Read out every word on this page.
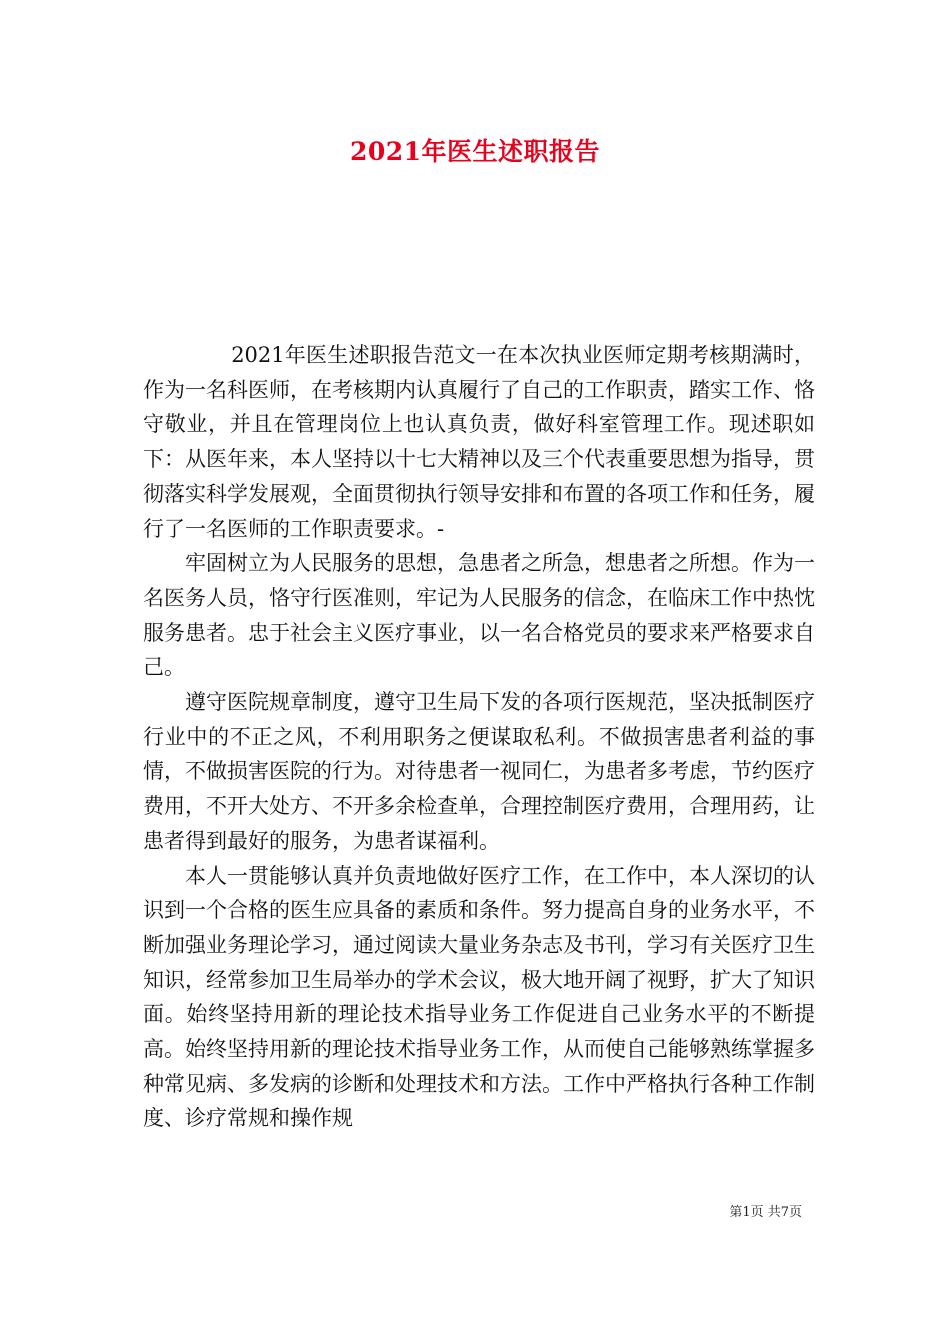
2021年医生述职报告

2021年医生述职报告范文一在本次执业医师定期考核期满时，作为一名科医师，在考核期内认真履行了自己的工作职责，踏实工作、恪守敬业，并且在管理岗位上也认真负责，做好科室管理工作。现述职如下：从医年来，本人坚持以十七大精神以及三个代表重要思想为指导，贯彻落实科学发展观，全面贯彻执行领导安排和布置的各项工作和任务，履行了一名医师的工作职责要求。-

牢固树立为人民服务的思想，急患者之所急，想患者之所想。作为一名医务人员，恪守行医准则，牢记为人民服务的信念，在临床工作中热忱服务患者。忠于社会主义医疗事业，以一名合格党员的要求来严格要求自己。

遵守医院规章制度，遵守卫生局下发的各项行医规范，坚决抵制医疗行业中的不正之风，不利用职务之便谋取私利。不做损害患者利益的事情，不做损害医院的行为。对待患者一视同仁，为患者多考虑，节约医疗费用，不开大处方、不开多余检查单，合理控制医疗费用，合理用药，让患者得到最好的服务，为患者谋福利。

本人一贯能够认真并负责地做好医疗工作，在工作中，本人深切的认识到一个合格的医生应具备的素质和条件。努力提高自身的业务水平，不断加强业务理论学习，通过阅读大量业务杂志及书刊，学习有关医疗卫生知识，经常参加卫生局举办的学术会议，极大地开阔了视野，扩大了知识面。始终坚持用新的理论技术指导业务工作促进自己业务水平的不断提高。始终坚持用新的理论技术指导业务工作，从而使自己能够熟练掌握多种常见病、多发病的诊断和处理技术和方法。工作中严格执行各种工作制度、诊疗常规和操作规

第1页 共7页
